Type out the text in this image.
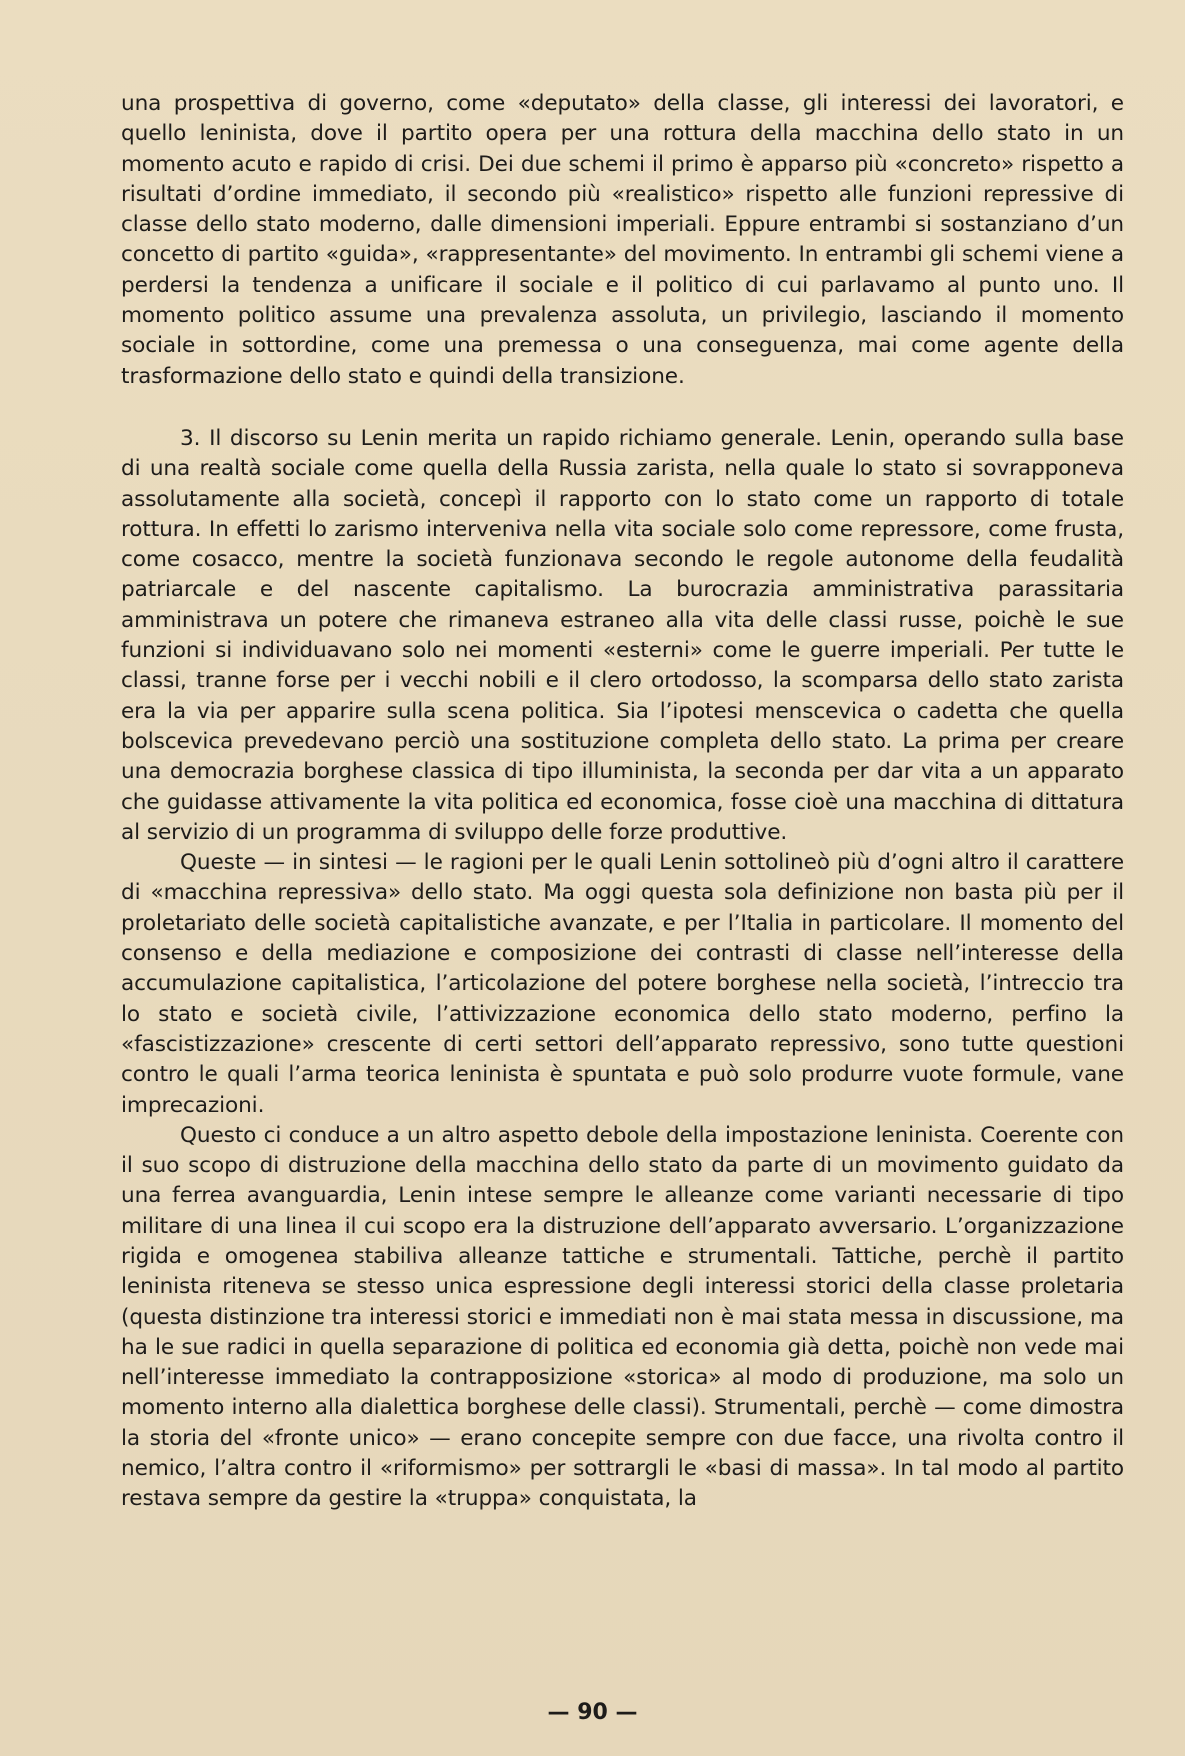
una prospettiva di governo, come «deputato» della classe, gli interessi dei lavoratori, e quello leninista, dove il partito opera per una rottura della macchina dello stato in un momento acuto e rapido di crisi. Dei due schemi il primo è apparso più «concreto» rispetto a risultati d’ordine immediato, il secondo più «realistico» rispetto alle funzioni repressive di classe dello stato moderno, dalle dimensioni imperiali. Eppure entrambi si sostanziano d’un concetto di partito «guida», «rappresentante» del movimento. In entrambi gli schemi viene a perdersi la tendenza a unificare il sociale e il politico di cui parlavamo al punto uno. Il momento politico assume una prevalenza assoluta, un privilegio, lasciando il momento sociale in sottordine, come una premessa o una conseguenza, mai come agente della trasformazione dello stato e quindi della transizione.

3. Il discorso su Lenin merita un rapido richiamo generale. Lenin, operando sulla base di una realtà sociale come quella della Russia zarista, nella quale lo stato si sovrapponeva assolutamente alla società, concepì il rapporto con lo stato come un rapporto di totale rottura. In effetti lo zarismo interveniva nella vita sociale solo come repressore, come frusta, come cosacco, mentre la società funzionava secondo le regole autonome della feudalità patriarcale e del nascente capitalismo. La burocrazia amministrativa parassitaria amministrava un potere che rimaneva estraneo alla vita delle classi russe, poichè le sue funzioni si individuavano solo nei momenti «esterni» come le guerre imperiali. Per tutte le classi, tranne forse per i vecchi nobili e il clero ortodosso, la scomparsa dello stato zarista era la via per apparire sulla scena politica. Sia l’ipotesi menscevica o cadetta che quella bolscevica prevedevano perciò una sostituzione completa dello stato. La prima per creare una democrazia borghese classica di tipo illuminista, la seconda per dar vita a un apparato che guidasse attivamente la vita politica ed economica, fosse cioè una macchina di dittatura al servizio di un programma di sviluppo delle forze produttive.

Queste — in sintesi — le ragioni per le quali Lenin sottolineò più d’ogni altro il carattere di «macchina repressiva» dello stato. Ma oggi questa sola definizione non basta più per il proletariato delle società capitalistiche avanzate, e per l’Italia in particolare. Il momento del consenso e della mediazione e composizione dei contrasti di classe nell’interesse della accumulazione capitalistica, l’articolazione del potere borghese nella società, l’intreccio tra lo stato e società civile, l’attivizzazione economica dello stato moderno, perfino la «fascistizzazione» crescente di certi settori dell’apparato repressivo, sono tutte questioni contro le quali l’arma teorica leninista è spuntata e può solo produrre vuote formule, vane imprecazioni.

Questo ci conduce a un altro aspetto debole della impostazione leninista. Coerente con il suo scopo di distruzione della macchina dello stato da parte di un movimento guidato da una ferrea avanguardia, Lenin intese sempre le alleanze come varianti necessarie di tipo militare di una linea il cui scopo era la distruzione dell’apparato avversario. L’organizzazione rigida e omogenea stabiliva alleanze tattiche e strumentali. Tattiche, perchè il partito leninista riteneva se stesso unica espressione degli interessi storici della classe proletaria (questa distinzione tra interessi storici e immediati non è mai stata messa in discussione, ma ha le sue radici in quella separazione di politica ed economia già detta, poichè non vede mai nell’interesse immediato la contrapposizione «storica» al modo di produzione, ma solo un momento interno alla dialettica borghese delle classi). Strumentali, perchè — come dimostra la storia del «fronte unico» — erano concepite sempre con due facce, una rivolta contro il nemico, l’altra contro il «riformismo» per sottrargli le «basi di massa». In tal modo al partito restava sempre da gestire la «truppa» conquistata, la

— 90 —
